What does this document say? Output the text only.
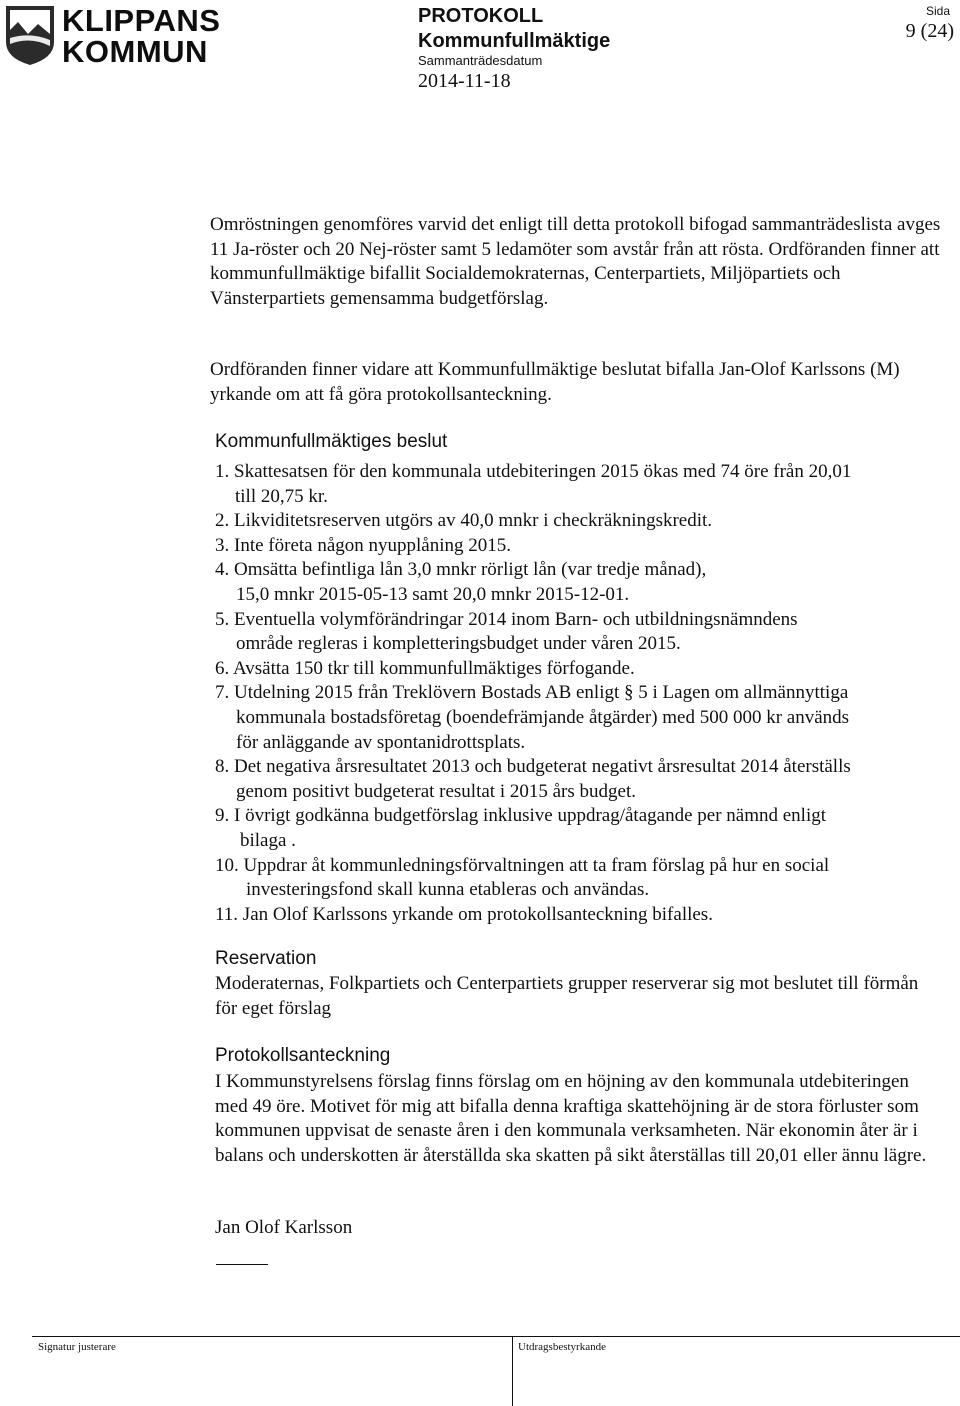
KLIPPANS
KOMMUN
PROTOKOLL
Kommunfullmäktige
Sammanträdesdatum
2014-11-18
Sida
9 (24)
Omröstningen genomföres varvid det enligt till detta protokoll bifogad sammanträdeslista avges 11 Ja-röster och 20 Nej-röster samt 5 ledamöter som avstår från att rösta. Ordföranden finner att kommunfullmäktige bifallit Socialdemokraternas, Centerpartiets, Miljöpartiets och Vänsterpartiets gemensamma budgetförslag.
Ordföranden finner vidare att Kommunfullmäktige beslutat bifalla Jan-Olof Karlssons (M) yrkande om att få göra protokollsanteckning.
Kommunfullmäktiges beslut
1. Skattesatsen för den kommunala utdebiteringen 2015 ökas med 74 öre från 20,01
till 20,75 kr.
2. Likviditetsreserven utgörs av 40,0 mnkr i checkräkningskredit.
3. Inte företa någon nyupplåning 2015.
4. Omsätta befintliga lån 3,0 mnkr rörligt lån (var tredje månad),
15,0 mnkr 2015-05-13 samt 20,0 mnkr 2015-12-01.
5. Eventuella volymförändringar 2014 inom Barn- och utbildningsnämndens
område regleras i kompletteringsbudget under våren 2015.
6. Avsätta 150 tkr till kommunfullmäktiges förfogande.
7. Utdelning 2015 från Treklövern Bostads AB enligt § 5 i Lagen om allmännyttiga
kommunala bostadsföretag (boendefrämjande åtgärder) med 500 000 kr används
för anläggande av spontanidrottsplats.
8. Det negativa årsresultatet 2013 och budgeterat negativt årsresultat 2014 återställs
genom positivt budgeterat resultat i 2015 års budget.
9. I övrigt godkänna budgetförslag inklusive uppdrag/åtagande per nämnd enligt
bilaga .
10. Uppdrar åt kommunledningsförvaltningen att ta fram förslag på hur en social
investeringsfond skall kunna etableras och användas.
11. Jan Olof Karlssons yrkande om protokollsanteckning bifalles.
Reservation
Moderaternas, Folkpartiets och Centerpartiets grupper reserverar sig mot beslutet till förmån för eget förslag
Protokollsanteckning
I Kommunstyrelsens förslag finns förslag om en höjning av den kommunala utdebiteringen med 49 öre. Motivet för mig att bifalla denna kraftiga skattehöjning är de stora förluster som kommunen uppvisat de senaste åren i den kommunala verksamheten. När ekonomin åter är i balans och underskotten är återställda ska skatten på sikt återställas till 20,01 eller ännu lägre.
Jan Olof Karlsson
Signatur justerare	Utdragsbestyrkande
